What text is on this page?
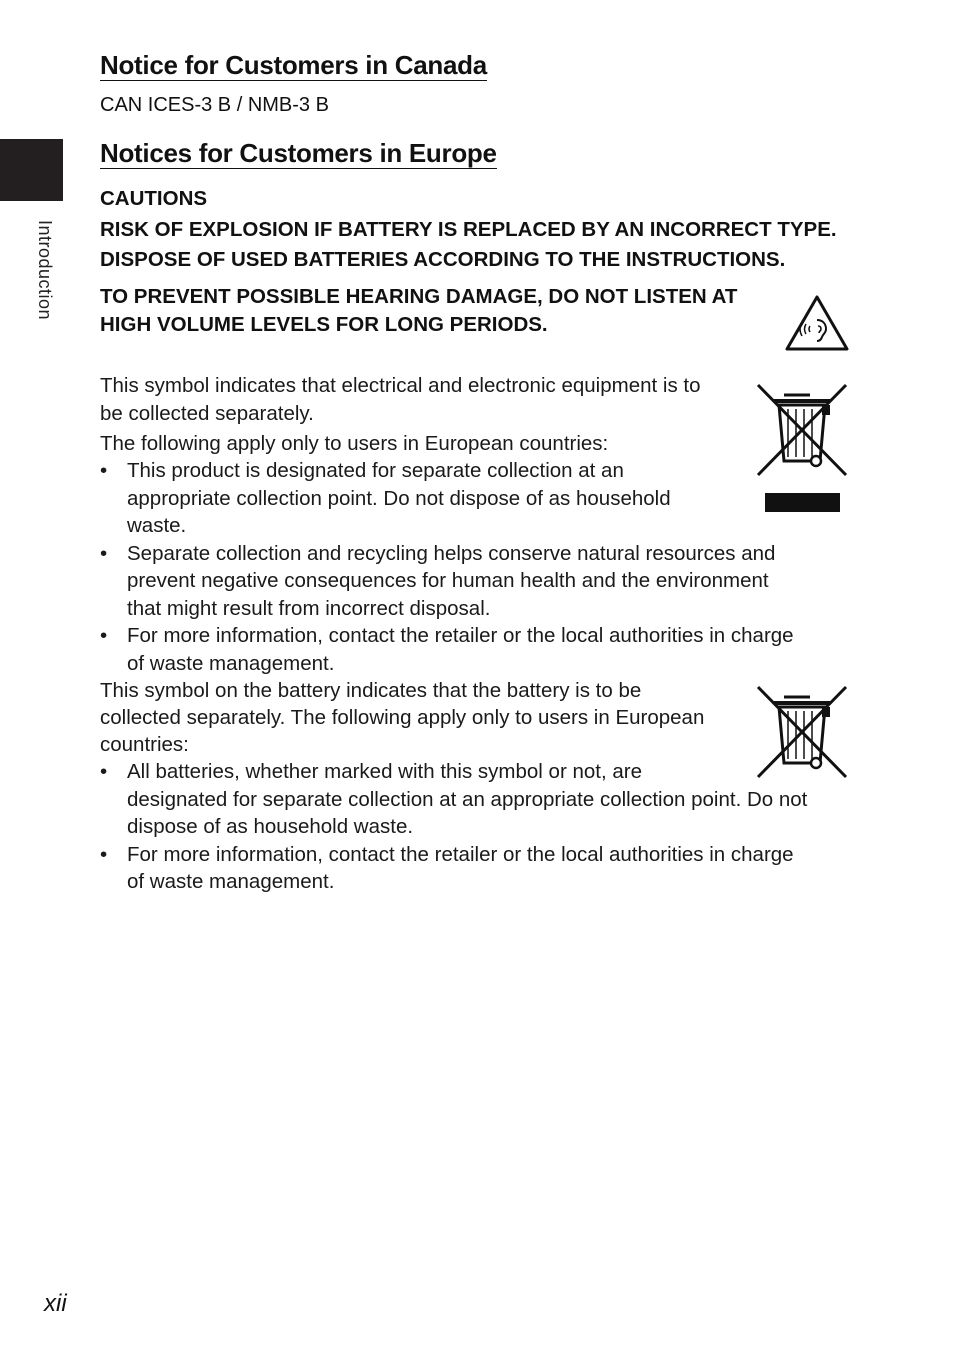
Introduction
Notice for Customers in Canada

CAN ICES-3 B / NMB-3 B

Notices for Customers in Europe

CAUTIONS

RISK OF EXPLOSION IF BATTERY IS REPLACED BY AN INCORRECT TYPE.

DISPOSE OF USED BATTERIES ACCORDING TO THE INSTRUCTIONS.

TO PREVENT POSSIBLE HEARING DAMAGE, DO NOT LISTEN AT

HIGH VOLUME LEVELS FOR LONG PERIODS.

This symbol indicates that electrical and electronic equipment is to

be collected separately.

The following apply only to users in European countries:

• This product is designated for separate collection at an
appropriate collection point. Do not dispose of as household
waste.
• Separate collection and recycling helps conserve natural resources and
prevent negative consequences for human health and the environment
that might result from incorrect disposal.
• For more information, contact the retailer or the local authorities in charge
of waste management.

This symbol on the battery indicates that the battery is to be

collected separately. The following apply only to users in European

countries:

• All batteries, whether marked with this symbol or not, are
designated for separate collection at an appropriate collection point. Do not
dispose of as household waste.
• For more information, contact the retailer or the local authorities in charge
of waste management.
xii
